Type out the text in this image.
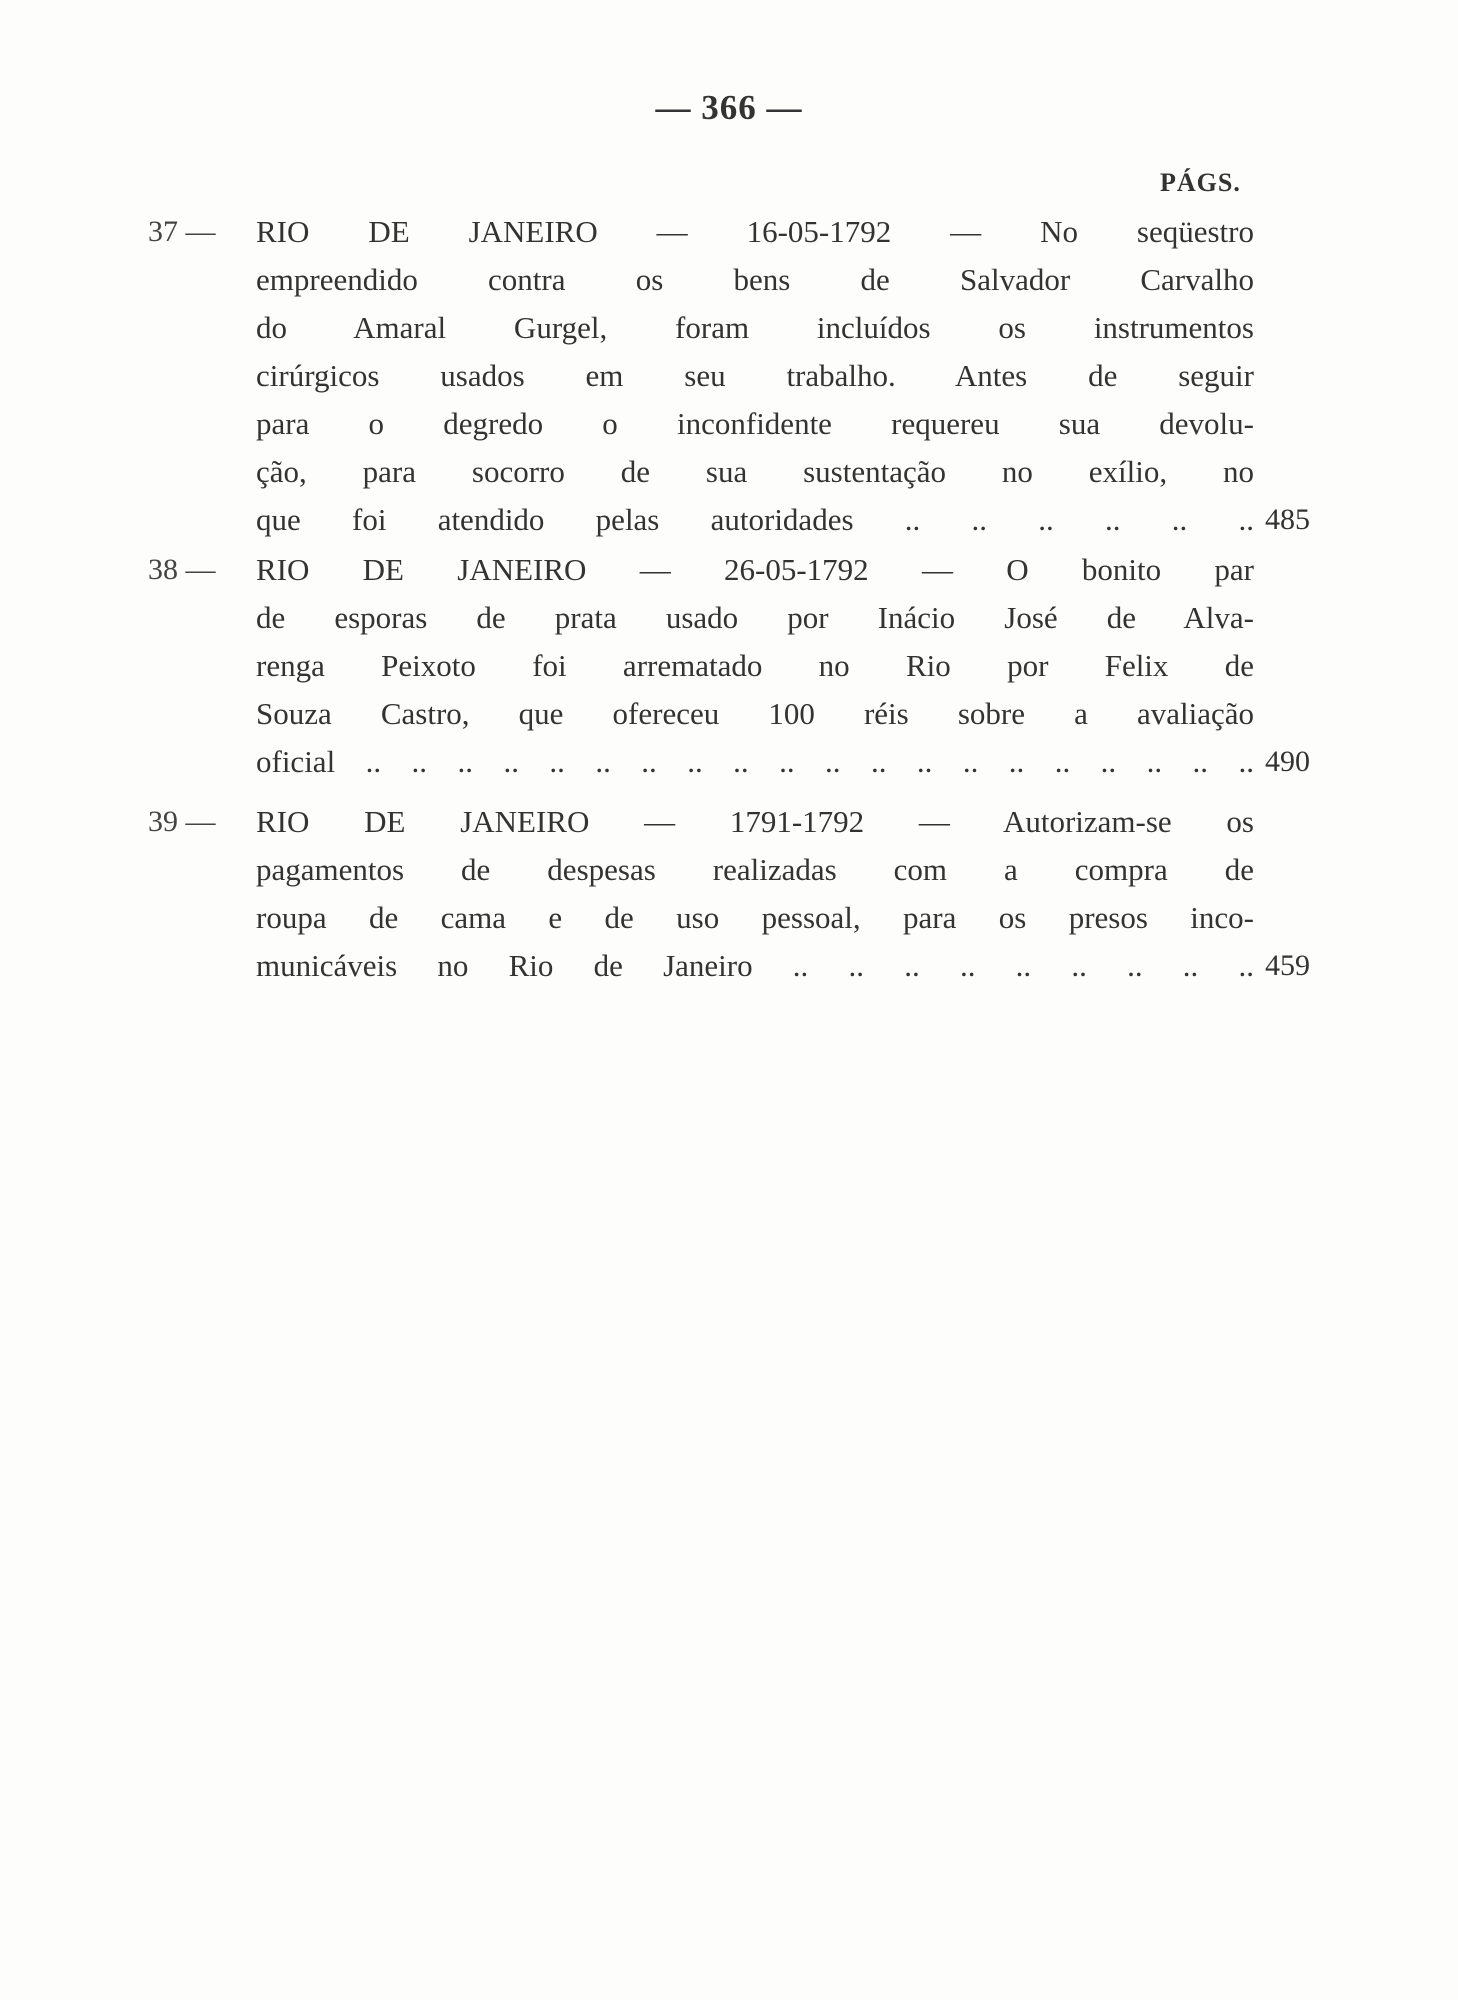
— 366 —
PÁGS.
37 — RIO DE JANEIRO — 16-05-1792 — No seqüestro
empreendido contra os bens de Salvador Carvalho
do Amaral Gurgel, foram incluídos os instrumentos
cirúrgicos usados em seu trabalho. Antes de seguir
para o degredo o inconfidente requereu sua devolu-
ção, para socorro de sua sustentação no exílio, no
que foi atendido pelas autoridades .. .. .. .. .. .. 485
38 — RIO DE JANEIRO — 26-05-1792 — O bonito par
de esporas de prata usado por Inácio José de Alva-
renga Peixoto foi arrematado no Rio por Felix de
Souza Castro, que ofereceu 100 réis sobre a avaliação
oficial .. .. .. .. .. .. .. .. .. .. .. .. .. .. .. .. .. .. .. .. 490
39 — RIO DE JANEIRO — 1791-1792 — Autorizam-se os
pagamentos de despesas realizadas com a compra de
roupa de cama e de uso pessoal, para os presos inco-
municáveis no Rio de Janeiro .. .. .. .. .. .. .. .. .. 459
